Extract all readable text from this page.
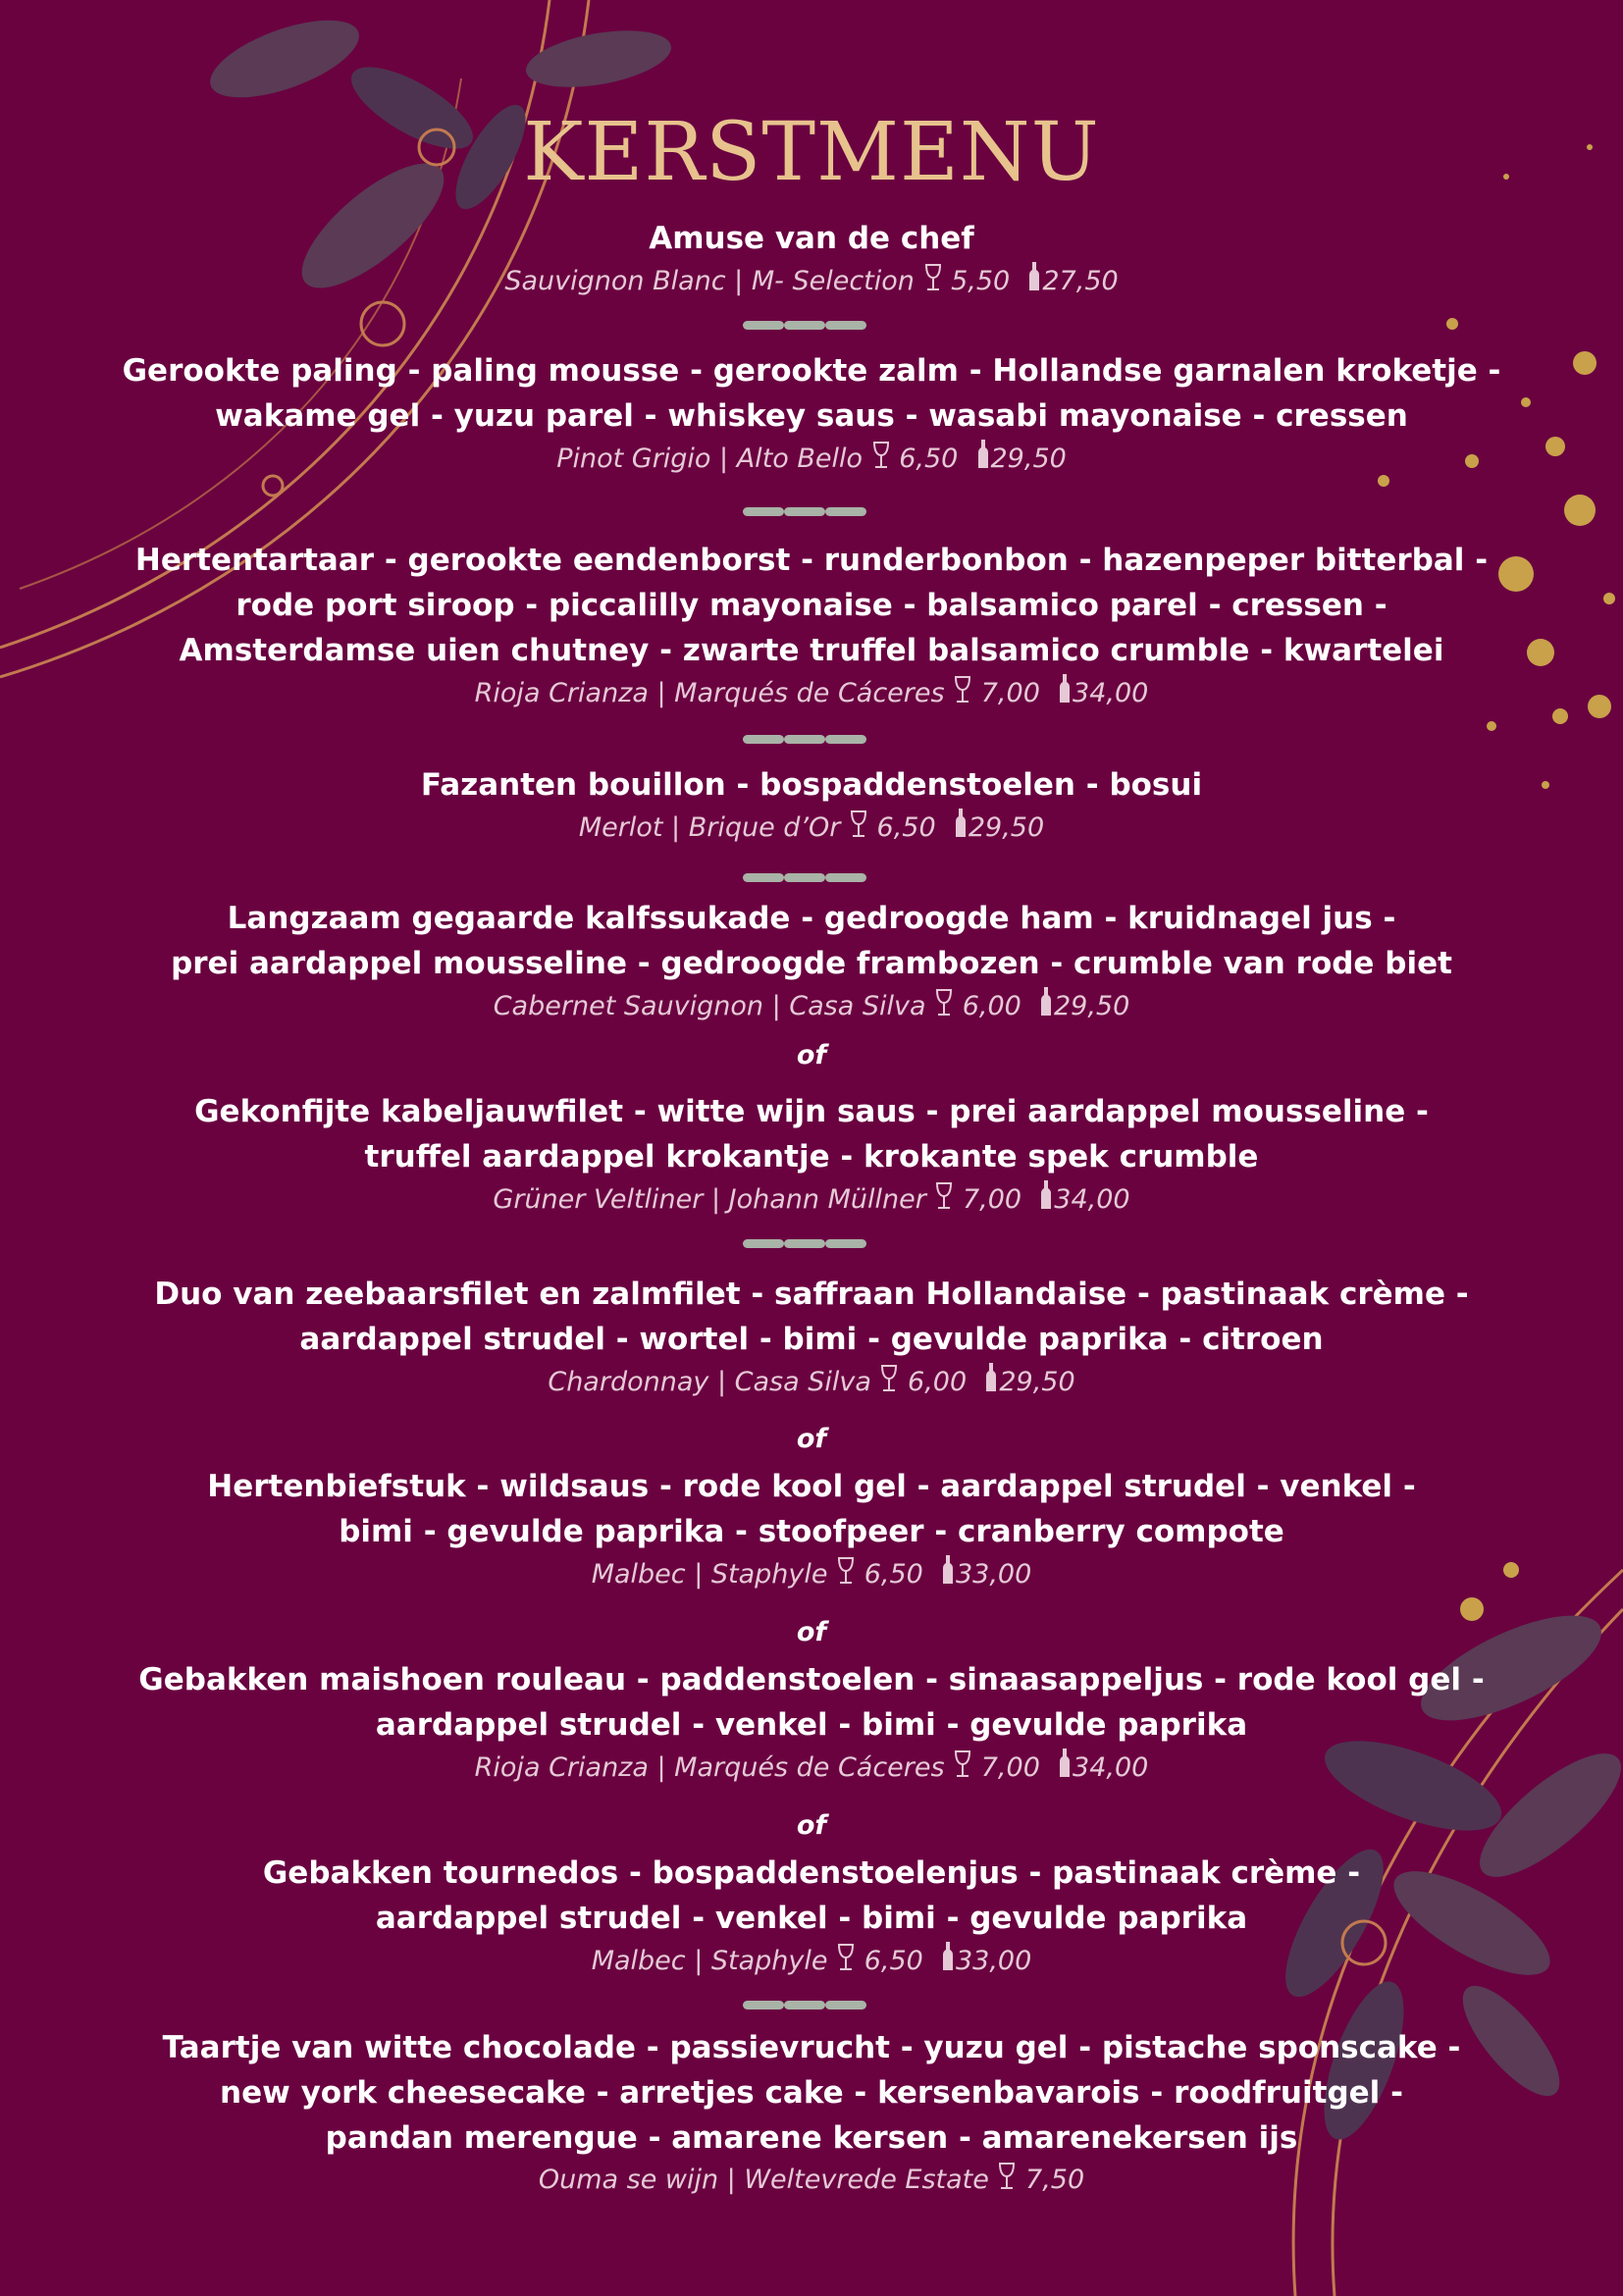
KERSTMENU

Amuse van de chef

Sauvignon Blanc | M- Selection  5,50 27,50

Gerookte paling - paling mousse - gerookte zalm - Hollandse garnalen kroketje -

wakame gel - yuzu parel - whiskey saus - wasabi mayonaise - cressen

Pinot Grigio | Alto Bello  6,50 29,50

Hertentartaar - gerookte eendenborst - runderbonbon - hazenpeper bitterbal -

rode port siroop - piccalilly mayonaise - balsamico parel - cressen -

Amsterdamse uien chutney - zwarte truffel balsamico crumble - kwartelei

Rioja Crianza | Marqués de Cáceres  7,00 34,00

Fazanten bouillon - bospaddenstoelen - bosui

Merlot | Brique d’Or  6,50 29,50

Langzaam gegaarde kalfssukade - gedroogde ham - kruidnagel jus -

prei aardappel mousseline - gedroogde frambozen - crumble van rode biet

Cabernet Sauvignon | Casa Silva  6,00 29,50

of

Gekonfijte kabeljauwfilet - witte wijn saus - prei aardappel mousseline -

truffel aardappel krokantje - krokante spek crumble

Grüner Veltliner | Johann Müllner  7,00 34,00

Duo van zeebaarsfilet en zalmfilet - saffraan Hollandaise - pastinaak crème -

aardappel strudel - wortel - bimi - gevulde paprika - citroen

Chardonnay | Casa Silva  6,00 29,50

of

Hertenbiefstuk - wildsaus - rode kool gel - aardappel strudel - venkel -

bimi - gevulde paprika - stoofpeer - cranberry compote

Malbec | Staphyle  6,50 33,00

of

Gebakken maishoen rouleau - paddenstoelen - sinaasappeljus - rode kool gel -

aardappel strudel - venkel - bimi - gevulde paprika

Rioja Crianza | Marqués de Cáceres  7,00 34,00

of

Gebakken tournedos - bospaddenstoelenjus - pastinaak crème -

aardappel strudel - venkel - bimi - gevulde paprika

Malbec | Staphyle  6,50 33,00

Taartje van witte chocolade - passievrucht - yuzu gel - pistache sponscake -

new york cheesecake - arretjes cake - kersenbavarois - roodfruitgel -

pandan merengue - amarene kersen - amarenekersen ijs

Ouma se wijn | Weltevrede Estate  7,50
